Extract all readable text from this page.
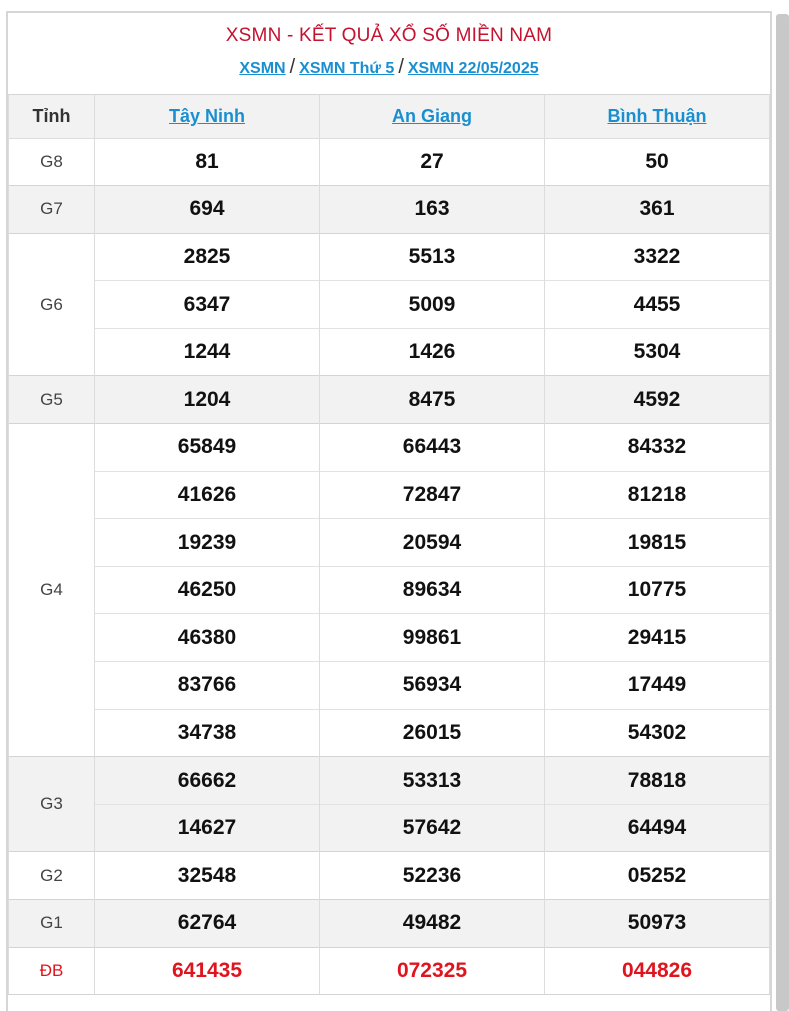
XSMN - KẾT QUẢ XỔ SỐ MIỀN NAM
XSMN / XSMN Thứ 5 / XSMN 22/05/2025
Tỉnh	Tây Ninh	An Giang	Bình Thuận
G8	81	27	50
G7	694	163	361
G6	2825	5513	3322
	6347	5009	4455
	1244	1426	5304
G5	1204	8475	4592
G4	65849	66443	84332
	41626	72847	81218
	19239	20594	19815
	46250	89634	10775
	46380	99861	29415
	83766	56934	17449
	34738	26015	54302
G3	66662	53313	78818
	14627	57642	64494
G2	32548	52236	05252
G1	62764	49482	50973
ĐB	641435	072325	044826
